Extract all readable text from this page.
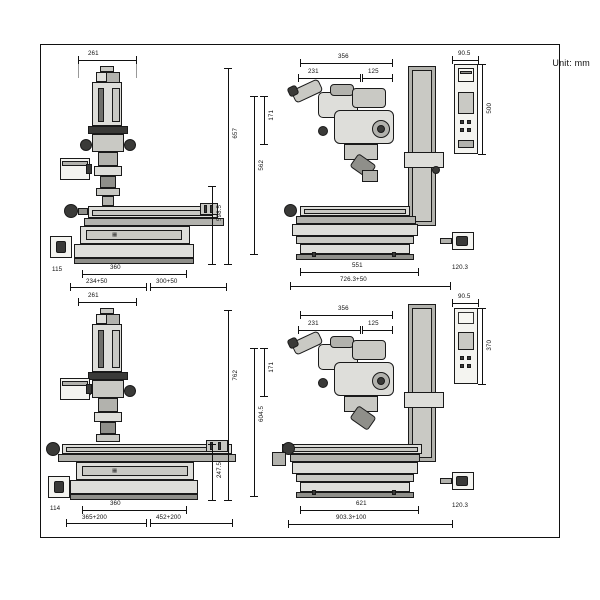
Unit: mm
261
▦
115
657
598.5
360
234+50	300+50
356
231	125
90.5
500
171
562
551
726.3+50
120.3
261
▦
114
762
247.5
360
365+200	452+200
356
231	125
90.5
370
171
604.5
621
903.3+100
120.3
